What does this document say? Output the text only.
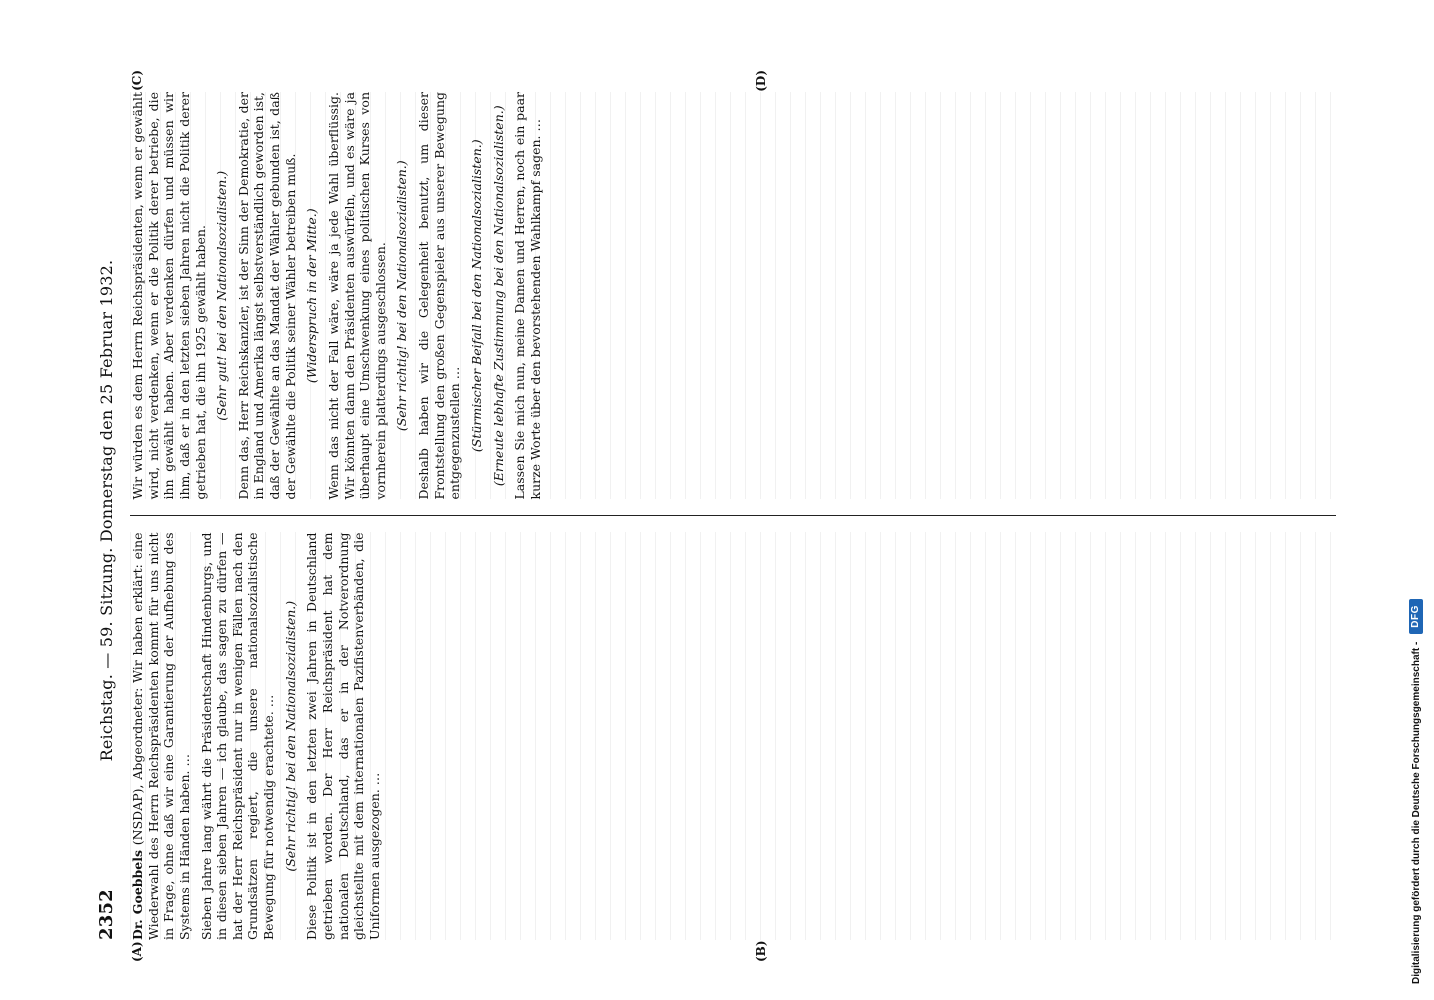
2352
Reichstag. — 59. Sitzung. Donnerstag den 25 Februar 1932.
(A)	(B)

Dr. Goebbels (NSDAP), Abgeordneter: Wir haben erklärt: eine Wiederwahl des Herrn Reichspräsidenten kommt für uns nicht in Frage, ohne daß wir eine Garantierung der Aufhebung des Systems in Händen haben. … Sieben Jahre lang währt die Präsidentschaft Hindenburgs, und in diesen sieben Jahren — ich glaube, das sagen zu dürfen — hat der Herr Reichspräsident nur in wenigen Fällen nach den Grundsätzen regiert, die unsere nationalsozialistische Bewegung für notwendig erachtete. … (Sehr richtig! bei den Nationalsozialisten.) Diese Politik ist in den letzten zwei Jahren in Deutschland getrieben worden. Der Herr Reichspräsident hat dem nationalen Deutschland, das er in der Notverordnung gleichstellte mit dem internationalen Pazifistenverbänden, die Uniformen ausgezogen. …

(C)	(D)

Wir würden es dem Herrn Reichspräsidenten, wenn er gewählt wird, nicht verdenken, wenn er die Politik derer betriebe, die ihn gewählt haben. Aber verdenken dürfen und müssen wir ihm, daß er in den letzten sieben Jahren nicht die Politik derer getrieben hat, die ihn 1925 gewählt haben. (Sehr gut! bei den Nationalsozialisten.) Denn das, Herr Reichskanzler, ist der Sinn der Demokratie, der in England und Amerika längst selbstverständlich geworden ist, daß der Gewählte an das Mandat der Wähler gebunden ist, daß der Gewählte die Politik seiner Wähler betreiben muß. (Widerspruch in der Mitte.) Wenn das nicht der Fall wäre, wäre ja jede Wahl überflüssig. Wir könnten dann den Präsidenten auswürfeln, und es wäre ja überhaupt eine Umschwenkung eines politischen Kurses von vornherein platterdings ausgeschlossen. (Sehr richtig! bei den Nationalsozialisten.) Deshalb haben wir die Gelegenheit benutzt, um dieser Frontstellung den großen Gegenspieler aus unserer Bewegung entgegenzustellen … (Stürmischer Beifall bei den Nationalsozialisten.) (Erneute lebhafte Zustimmung bei den Nationalsozialisten.) Lassen Sie mich nun, meine Damen und Herren, noch ein paar kurze Worte über den bevorstehenden Wahlkampf sagen. …

Digitalisierung gefördert durch die Deutsche Forschungsgemeinschaft -
DFG
